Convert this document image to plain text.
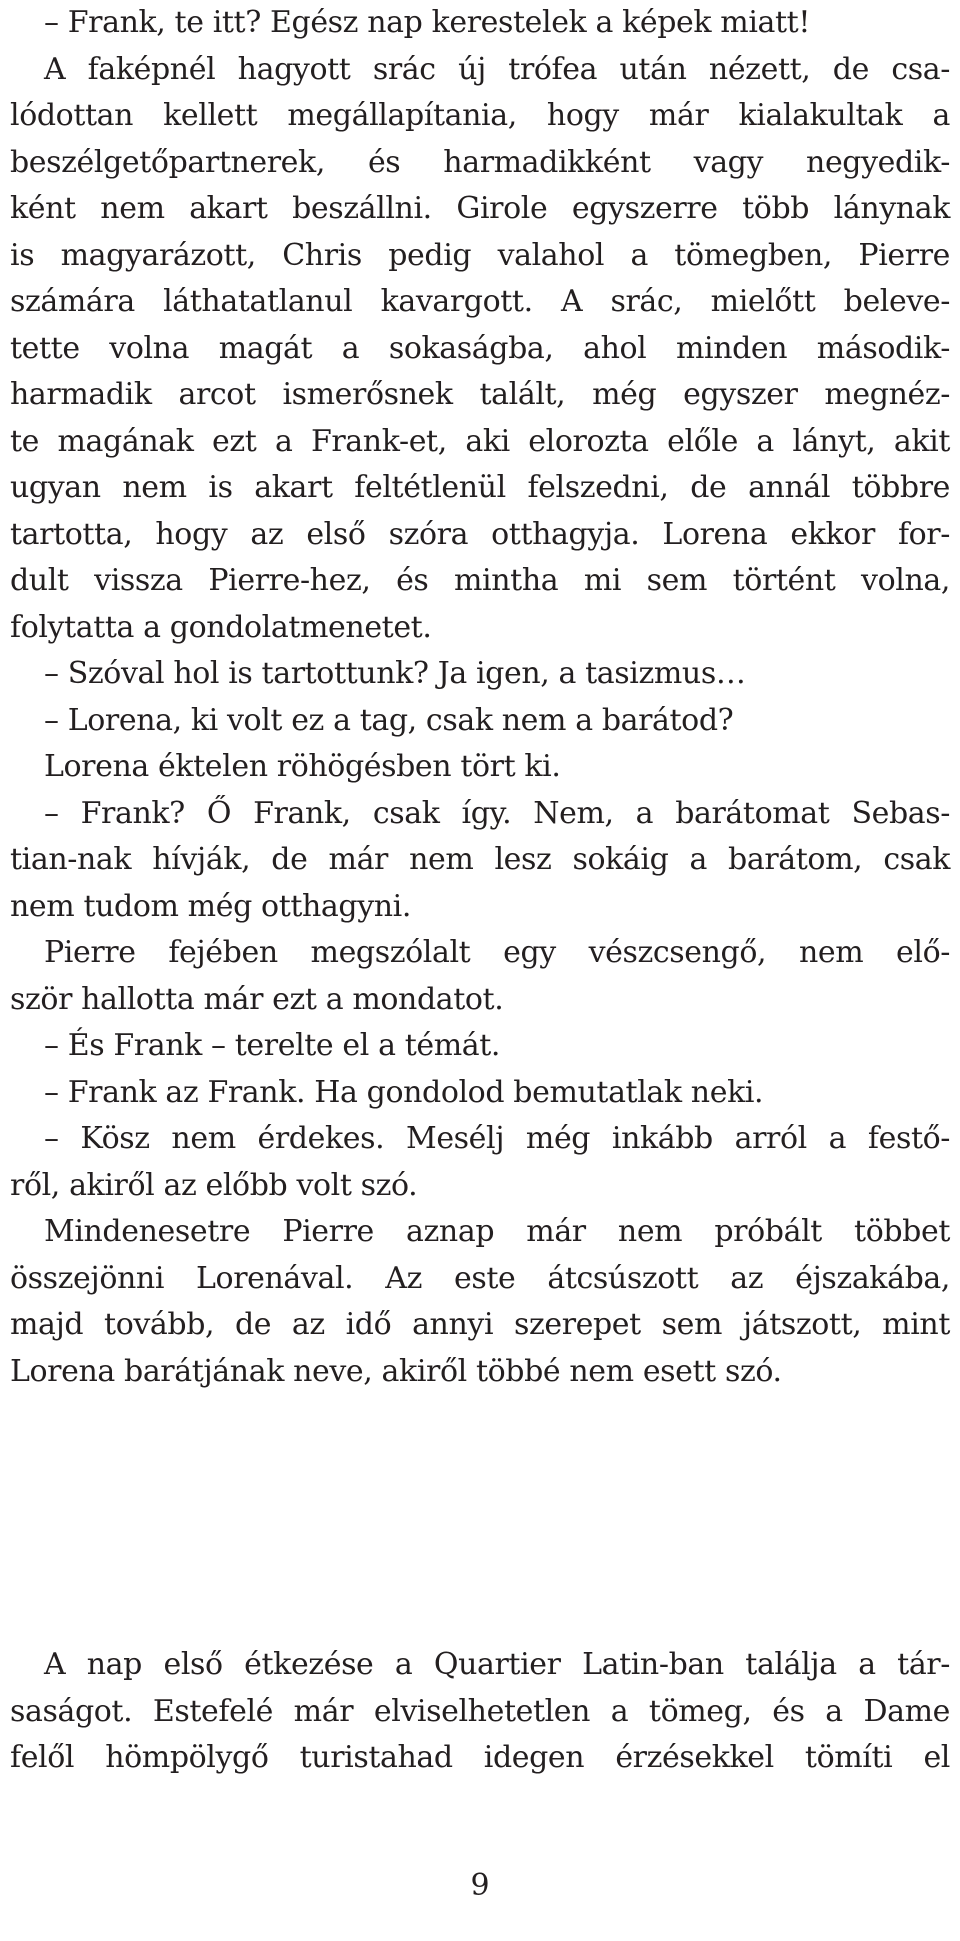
– Frank, te itt? Egész nap kerestelek a képek miatt!
A faképnél hagyott srác új trófea után nézett, de csa-
lódottan kellett megállapítania, hogy már kialakultak a
beszélgetőpartnerek, és harmadikként vagy negyedik-
ként nem akart beszállni. Girole egyszerre több lánynak
is magyarázott, Chris pedig valahol a tömegben, Pierre
számára láthatatlanul kavargott. A srác, mielőtt beleve-
tette volna magát a sokaságba, ahol minden második-
harmadik arcot ismerősnek talált, még egyszer megnéz-
te magának ezt a Frank-et, aki elorozta előle a lányt, akit
ugyan nem is akart feltétlenül felszedni, de annál többre
tartotta, hogy az első szóra otthagyja. Lorena ekkor for-
dult vissza Pierre-hez, és mintha mi sem történt volna,
folytatta a gondolatmenetet.
– Szóval hol is tartottunk? Ja igen, a tasizmus…
– Lorena, ki volt ez a tag, csak nem a barátod?
Lorena éktelen röhögésben tört ki.
– Frank? Ő Frank, csak így. Nem, a barátomat Sebas-
tian-nak hívják, de már nem lesz sokáig a barátom, csak
nem tudom még otthagyni.
Pierre fejében megszólalt egy vészcsengő, nem elő-
ször hallotta már ezt a mondatot.
– És Frank – terelte el a témát.
– Frank az Frank. Ha gondolod bemutatlak neki.
– Kösz nem érdekes. Mesélj még inkább arról a festő-
ről, akiről az előbb volt szó.
Mindenesetre Pierre aznap már nem próbált többet
összejönni Lorenával. Az este átcsúszott az éjszakába,
majd tovább, de az idő annyi szerepet sem játszott, mint
Lorena barátjának neve, akiről többé nem esett szó.
A nap első étkezése a Quartier Latin-ban találja a tár-
saságot. Estefelé már elviselhetetlen a tömeg, és a Dame
felől hömpölygő turistahad idegen érzésekkel tömíti el
9
